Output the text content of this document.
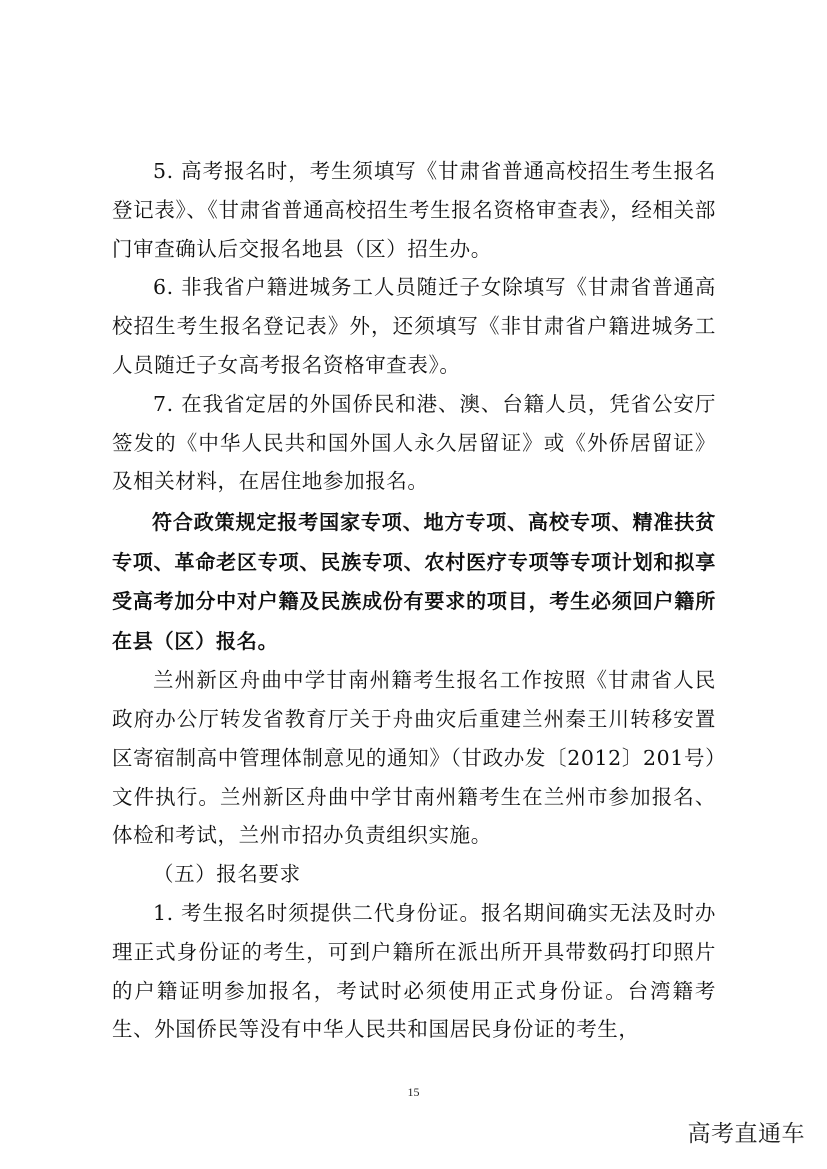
5. 高考报名时，考生须填写《甘肃省普通高校招生考生报名登记表》、《甘肃省普通高校招生考生报名资格审查表》，经相关部门审查确认后交报名地县（区）招生办。

6. 非我省户籍进城务工人员随迁子女除填写《甘肃省普通高校招生考生报名登记表》外，还须填写《非甘肃省户籍进城务工人员随迁子女高考报名资格审查表》。

7. 在我省定居的外国侨民和港、澳、台籍人员，凭省公安厅签发的《中华人民共和国外国人永久居留证》或《外侨居留证》及相关材料，在居住地参加报名。

符合政策规定报考国家专项、地方专项、高校专项、精准扶贫专项、革命老区专项、民族专项、农村医疗专项等专项计划和拟享受高考加分中对户籍及民族成份有要求的项目，考生必须回户籍所在县（区）报名。

兰州新区舟曲中学甘南州籍考生报名工作按照《甘肃省人民政府办公厅转发省教育厅关于舟曲灾后重建兰州秦王川转移安置区寄宿制高中管理体制意见的通知》（甘政办发〔2012〕201号）文件执行。兰州新区舟曲中学甘南州籍考生在兰州市参加报名、体检和考试，兰州市招办负责组织实施。

（五）报名要求

1. 考生报名时须提供二代身份证。报名期间确实无法及时办理正式身份证的考生，可到户籍所在派出所开具带数码打印照片的户籍证明参加报名，考试时必须使用正式身份证。台湾籍考生、外国侨民等没有中华人民共和国居民身份证的考生，

15
高考直通车
